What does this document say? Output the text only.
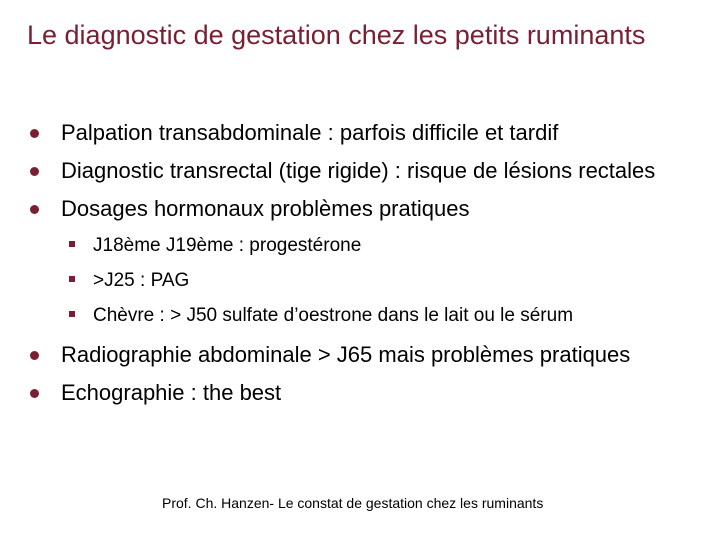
Le diagnostic de gestation chez les petits ruminants
Palpation transabdominale : parfois difficile et tardif
Diagnostic transrectal (tige rigide) : risque de lésions rectales
Dosages hormonaux problèmes pratiques
J18ème J19ème : progestérone
>J25 : PAG
Chèvre : > J50 sulfate d’oestrone dans le lait ou le sérum
Radiographie abdominale > J65 mais problèmes pratiques
Echographie : the best
Prof. Ch. Hanzen- Le constat de gestation chez les ruminants
